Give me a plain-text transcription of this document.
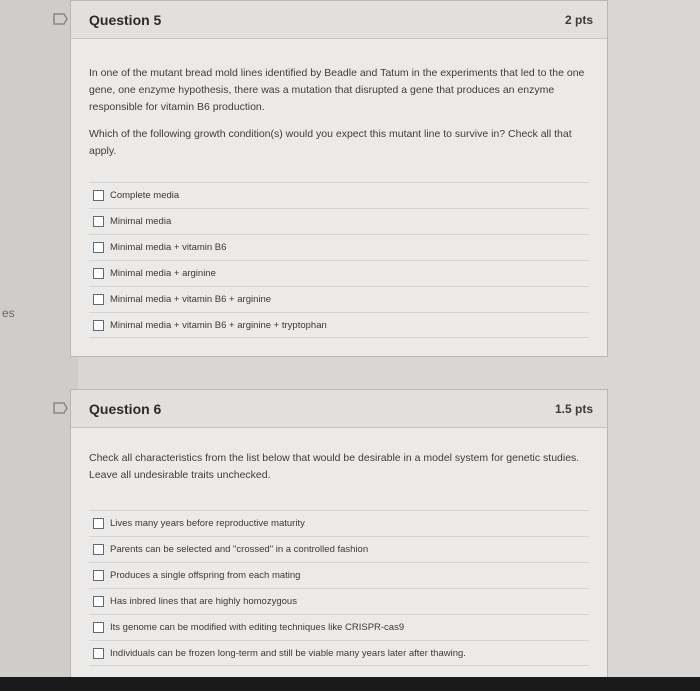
es
Question 5	2 pts

In one of the mutant bread mold lines identified by Beadle and Tatum in the experiments that led to the one gene, one enzyme hypothesis, there was a mutation that disrupted a gene that produces an enzyme responsible for vitamin B6 production.

Which of the following growth condition(s) would you expect this mutant line to survive in? Check all that apply.

Complete media
Minimal media
Minimal media + vitamin B6
Minimal media + arginine
Minimal media + vitamin B6 + arginine
Minimal media + vitamin B6 + arginine + tryptophan
Question 6	1.5 pts

Check all characteristics from the list below that would be desirable in a model system for genetic studies. Leave all undesirable traits unchecked.

Lives many years before reproductive maturity
Parents can be selected and "crossed" in a controlled fashion
Produces a single offspring from each mating
Has inbred lines that are highly homozygous
Its genome can be modified with editing techniques like CRISPR-cas9
Individuals can be frozen long-term and still be viable many years later after thawing.
